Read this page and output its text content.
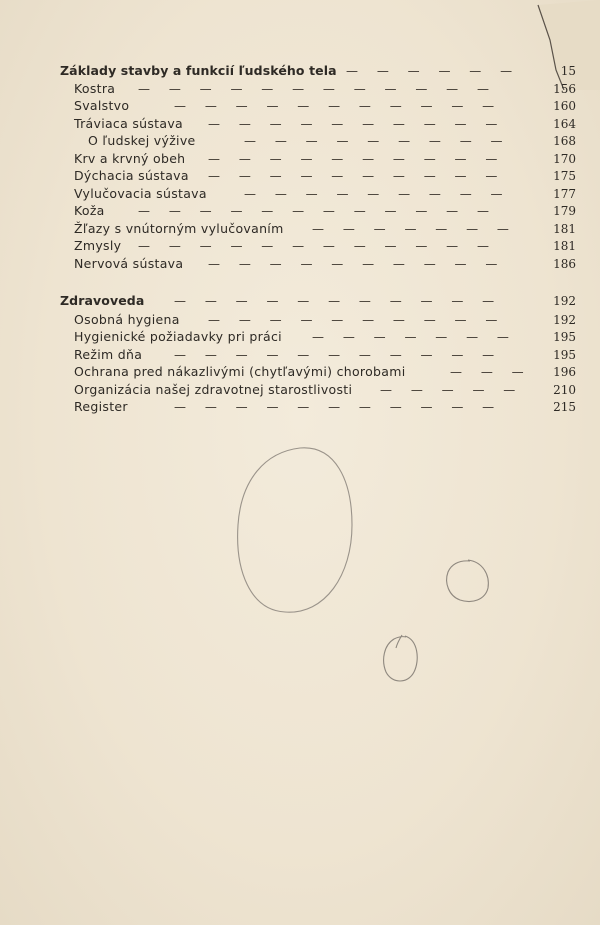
Základy stavby a funkcií ľudského tela — — — — — —	15
Kostra — — — — — — — — — — — —	156
Svalstvo	— — — — — — — — — — —	160
Tráviaca sústava — — — — — — — — — —	164
O ľudskej výžive	— — — — — — — — —	168
Krv a krvný obeh — — — — — — — — — —	170
Dýchacia sústava — — — — — — — — — —	175
Vylučovacia sústava	— — — — — — — — —	177
Koža	— — — — — — — — — — — —	179
Žľazy s vnútorným vylučovaním — — — — — — —	181
Zmysly — — — — — — — — — — — —	181
Nervová sústava — — — — — — — — — —	186
Zdravoveda — — — — — — — — — — —	192
Osobná hygiena — — — — — — — — — —	192
Hygienické požiadavky pri práci	— — — — — — —	195
Režim dňa	— — — — — — — — — — —	195
Ochrana pred nákazlivými (chytľavými) chorobami	— — —	196
Organizácia našej zdravotnej starostlivosti — — — — —	210
Register	— — — — — — — — — — —	215
